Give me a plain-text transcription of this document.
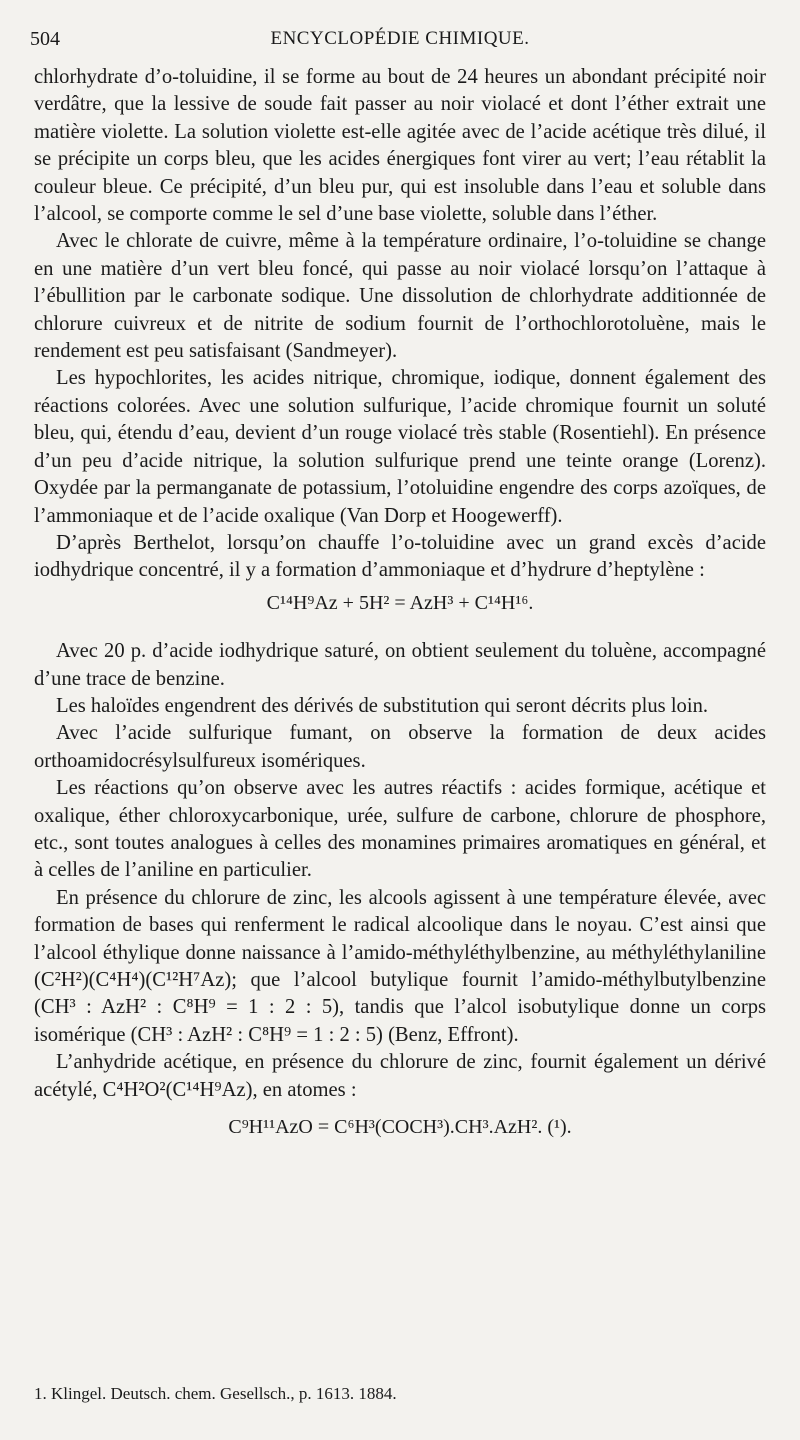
504	ENCYCLOPÉDIE CHIMIQUE.

chlorhydrate d’o-toluidine, il se forme au bout de 24 heures un abondant précipité noir verdâtre, que la lessive de soude fait passer au noir violacé et dont l’éther extrait une matière violette. La solution violette est-elle agitée avec de l’acide acétique très dilué, il se précipite un corps bleu, que les acides énergiques font virer au vert; l’eau rétablit la couleur bleue. Ce précipité, d’un bleu pur, qui est insoluble dans l’eau et soluble dans l’alcool, se comporte comme le sel d’une base violette, soluble dans l’éther.

Avec le chlorate de cuivre, même à la température ordinaire, l’o-toluidine se change en une matière d’un vert bleu foncé, qui passe au noir violacé lorsqu’on l’attaque à l’ébullition par le carbonate sodique. Une dissolution de chlorhydrate additionnée de chlorure cuivreux et de nitrite de sodium fournit de l’orthochlorotoluène, mais le rendement est peu satisfaisant (Sandmeyer).

Les hypochlorites, les acides nitrique, chromique, iodique, donnent également des réactions colorées. Avec une solution sulfurique, l’acide chromique fournit un soluté bleu, qui, étendu d’eau, devient d’un rouge violacé très stable (Rosentiehl). En présence d’un peu d’acide nitrique, la solution sulfurique prend une teinte orange (Lorenz). Oxydée par la permanganate de potassium, l’otoluidine engendre des corps azoïques, de l’ammoniaque et de l’acide oxalique (Van Dorp et Hoogewerff).

D’après Berthelot, lorsqu’on chauffe l’o-toluidine avec un grand excès d’acide iodhydrique concentré, il y a formation d’ammoniaque et d’hydrure d’heptylène :

C¹⁴H⁹Az + 5H² = AzH³ + C¹⁴H¹⁶.

Avec 20 p. d’acide iodhydrique saturé, on obtient seulement du toluène, accompagné d’une trace de benzine.

Les haloïdes engendrent des dérivés de substitution qui seront décrits plus loin.

Avec l’acide sulfurique fumant, on observe la formation de deux acides orthoamidocrésylsulfureux isomériques.

Les réactions qu’on observe avec les autres réactifs : acides formique, acétique et oxalique, éther chloroxycarbonique, urée, sulfure de carbone, chlorure de phosphore, etc., sont toutes analogues à celles des monamines primaires aromatiques en général, et à celles de l’aniline en particulier.

En présence du chlorure de zinc, les alcools agissent à une température élevée, avec formation de bases qui renferment le radical alcoolique dans le noyau. C’est ainsi que l’alcool éthylique donne naissance à l’amido-méthyléthylbenzine, au méthyléthylaniline (C²H²)(C⁴H⁴)(C¹²H⁷Az); que l’alcool butylique fournit l’amido-méthylbutylbenzine (CH³ : AzH² : C⁸H⁹ = 1 : 2 : 5), tandis que l’alcol isobutylique donne un corps isomérique (CH³ : AzH² : C⁸H⁹ = 1 : 2 : 5) (Benz, Effront).

L’anhydride acétique, en présence du chlorure de zinc, fournit également un dérivé acétylé, C⁴H²O²(C¹⁴H⁹Az), en atomes :

C⁹H¹¹AzO = C⁶H³(COCH³).CH³.AzH². (¹).
1. Klingel. Deutsch. chem. Gesellsch., p. 1613. 1884.
